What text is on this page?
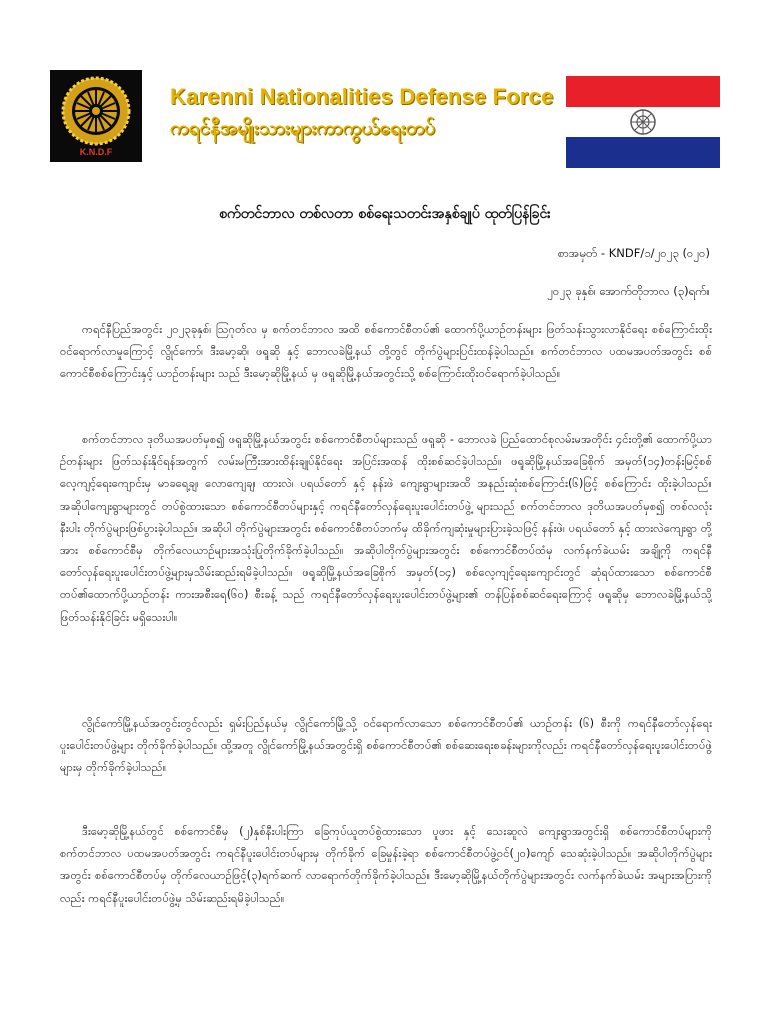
K.N.D.F
Karenni Nationalities Defense Force
ကရင်နီအမျိုးသားများကာကွယ်ရေးတပ်
စက်တင်ဘာလ တစ်လတာ စစ်ရေးသတင်းအနှစ်ချုပ် ထုတ်ပြန်ခြင်း
စာအမှတ် - KNDF/၁/၂၀၂၃ (၀၂၀)
၂၀၂၃ ခုနှစ်၊ အောက်တိုဘာလ (၃)ရက်။

ကရင်နီပြည်အတွင်း ၂၀၂၃ခုနှစ်၊ ဩဂုတ်လ မှ စက်တင်ဘာလ အထိ စစ်ကောင်စီတပ်၏ ထောက်ပို့ယာဥ်တန်းများ ဖြတ်သန်းသွားလာနိုင်ရေး စစ်ကြောင်းထိုးဝင်ရောက်လာမှုကြောင့် လွိုင်ကော်၊ ဒီးမော့ဆို၊ ဖရူဆို နှင့် ဘောလခဲမြို့နယ် တို့တွင် တိုက်ပွဲများပြင်းထန်ခဲ့ပါသည်။ စက်တင်ဘာလ ပထမအပတ်အတွင်း စစ်ကောင်စီစစ်ကြောင်းနှင့် ယာဥ်တန်းများ သည် ဒီးမော့ဆိုမြို့နယ် မှ ဖရူဆိုမြို့နယ်အတွင်းသို့ စစ်ကြောင်းထိုးဝင်ရောက်ခဲ့ပါသည်။

စက်တင်ဘာလ ဒုတိယအပတ်မှစ၍ ဖရူဆိုမြို့နယ်အတွင်း စစ်ကောင်စီတပ်များသည် ဖရူဆို - ဘောလခဲ ပြည်ထောင်စုလမ်းမအတိုင်း ၄င်းတို့၏ ထောက်ပို့ယာဥ်တန်းများ ဖြတ်သန်းနိုင်ရန်အတွက် လမ်းမကြီးအားထိန်းချုပ်နိုင်ရေး အပြင်းအထန် ထိုးစစ်ဆင်ခဲ့ပါသည်။ ဖရူဆိုမြို့နယ်အခြေစိုက် အမှတ်(၁၄)တန်းမြင့်စစ်လေ့ကျင့်ရေးကျောင်းမှ မာခရေ့ချ၊ လောကျေချ၊ ထားလဲ၊ ပရယ်တော် နှင့် နန်းဖဲ ကျေးရွာများအထိ အနည်းဆုံးစစ်ကြောင်း(၆)ဖြင့် စစ်ကြောင်း ထိုးခဲ့ပါသည်။ အဆိုပါကျေးရွာများတွင် တပ်စွဲထားသော စစ်ကောင်စီတပ်များနှင့် ကရင်နီတော်လှန်ရေးပူးပေါင်းတပ်ဖွဲ့ များသည် စက်တင်ဘာလ ဒုတိယအပတ်မှစ၍ တစ်လလုံးနီးပါး တိုက်ပွဲများဖြစ်ပွားခဲ့ပါသည်။ အဆိုပါ တိုက်ပွဲများအတွင်း စစ်ကောင်စီတပ်ဘက်မှ ထိခိုက်ကျဆုံးမှုများပြားခဲ့သဖြင့် နန်းဖဲ၊ ပရယ်တော် နှင့် ထားလဲကျေးရွာ တို့အား စစ်ကောင်စီမှ တိုက်လေယာဥ်များအသုံးပြုတိုက်ခိုက်ခဲ့ပါသည်။ အဆိုပါတိုက်ပွဲများအတွင်း စစ်ကောင်စီတပ်ထံမှ လက်နက်ခဲယမ်း အချို့ကို ကရင်နီတော်လှန်ရေးပူးပေါင်းတပ်ဖွဲ့များမှသိမ်းဆည်းရမိခဲ့ပါသည်။ ဖရူဆိုမြို့နယ်အခြေစိုက် အမှတ်(၁၄) စစ်လေ့ကျင့်ရေးကျောင်းတွင် ဆုံရပ်ထားသော စစ်ကောင်စီတပ်၏ထောက်ပို့ယာဥ်တန်း ကားအစီးရေ(၆၀) စီးခန့် သည် ကရင်နီတော်လှန်ရေးပူးပေါင်းတပ်ဖွဲ့များ၏ တန်ပြန်စစ်ဆင်ရေးကြောင့် ဖရူဆိုမှ ဘောလခဲမြို့နယ်သို့ ဖြတ်သန်းနိုင်ခြင်း မရှိသေးပါ။

လွိုင်ကော်မြို့နယ်အတွင်းတွင်လည်း ရှမ်းပြည်နယ်မှ လွိုင်ကော်မြို့သို့ ဝင်ရောက်လာသော စစ်ကောင်စီတပ်၏ ယာဥ်တန်း (၆) စီးကို ကရင်နီတော်လှန်ရေးပူးပေါင်းတပ်ဖွဲ့များ တိုက်ခိုက်ခဲ့ပါသည်။ ထို့အတူ လွိုင်ကော်မြို့နယ်အတွင်းရှိ စစ်ကောင်စီတပ်၏ စစ်ဆေးရေးစခန်းများကိုလည်း ကရင်နီတော်လှန်ရေးပူးပေါင်းတပ်ဖွဲ့များမှ တိုက်ခိုက်ခဲ့ပါသည်။

ဒီးမော့ဆိုမြို့နယ်တွင် စစ်ကောင်စီမှ (၂)နှစ်နီးပါးကြာ ခြေကုပ်ယူတပ်စွဲထားသော ပူဖား နှင့် သေးဆူလဲ ကျေးရွာအတွင်းရှိ စစ်ကောင်စီတပ်များကို စက်တင်ဘာလ ပထမအပတ်အတွင်း ကရင်နီပူးပေါင်းတပ်များမှ တိုက်ခိုက် ခြေမှုန်းခဲ့ရာ စစ်ကောင်စီတပ်ဖွဲ့ဝင်(၂၀)ကျော် သေဆုံးခဲ့ပါသည်။ အဆိုပါတိုက်ပွဲများအတွင်း စစ်ကောင်စီတပ်မှ တိုက်လေယာဥ်ဖြင့်(၃)ရက်ဆက် လာရောက်တိုက်ခိုက်ခဲ့ပါသည်။ ဒီးမော့ဆိုမြို့နယ်တိုက်ပွဲများအတွင်း လက်နက်ခဲယမ်း အများအပြားကိုလည်း ကရင်နီပူးပေါင်းတပ်ဖွဲ့မှ သိမ်းဆည်းရမိခဲ့ပါသည်။
